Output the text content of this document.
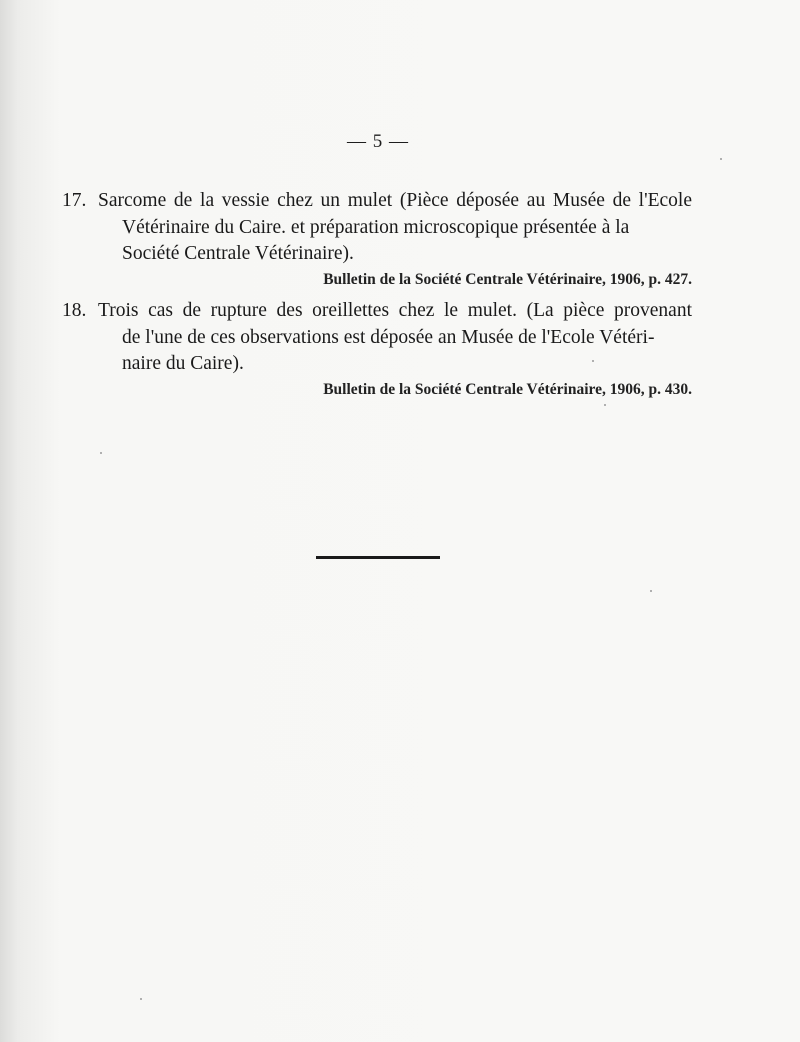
— 5 —
17. Sarcome de la vessie chez un mulet (Pièce déposée au Musée de l'Ecole
Vétérinaire du Caire. et préparation microscopique présentée à la
Société Centrale Vétérinaire).
Bulletin de la Société Centrale Vétérinaire, 1906, p. 427.
18. Trois cas de rupture des oreillettes chez le mulet. (La pièce provenant
de l'une de ces observations est déposée an Musée de l'Ecole Vétéri-
naire du Caire).
Bulletin de la Société Centrale Vétérinaire, 1906, p. 430.
